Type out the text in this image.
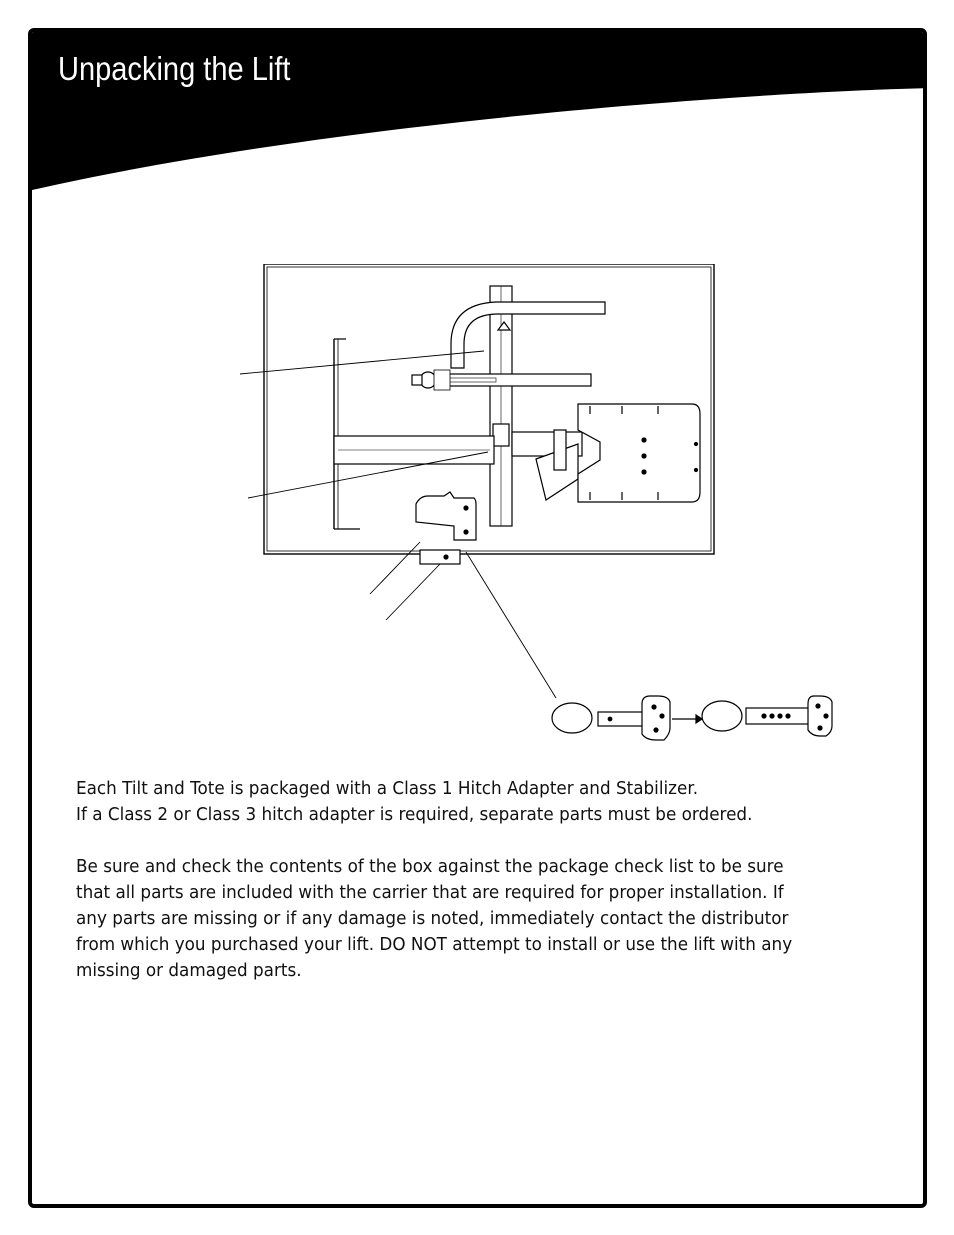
Unpacking the Lift

Each Tilt and Tote is packaged with a Class 1 Hitch Adapter and Stabilizer.
If a Class 2 or Class 3 hitch adapter is required, separate parts must be ordered.

Be sure and check the contents of the box against the package check list to be sure
that all parts are included with the carrier that are required for proper installation. If
any parts are missing or if any damage is noted, immediately contact the distributor
from which you purchased your lift. DO NOT attempt to install or use the lift with any
missing or damaged parts.
